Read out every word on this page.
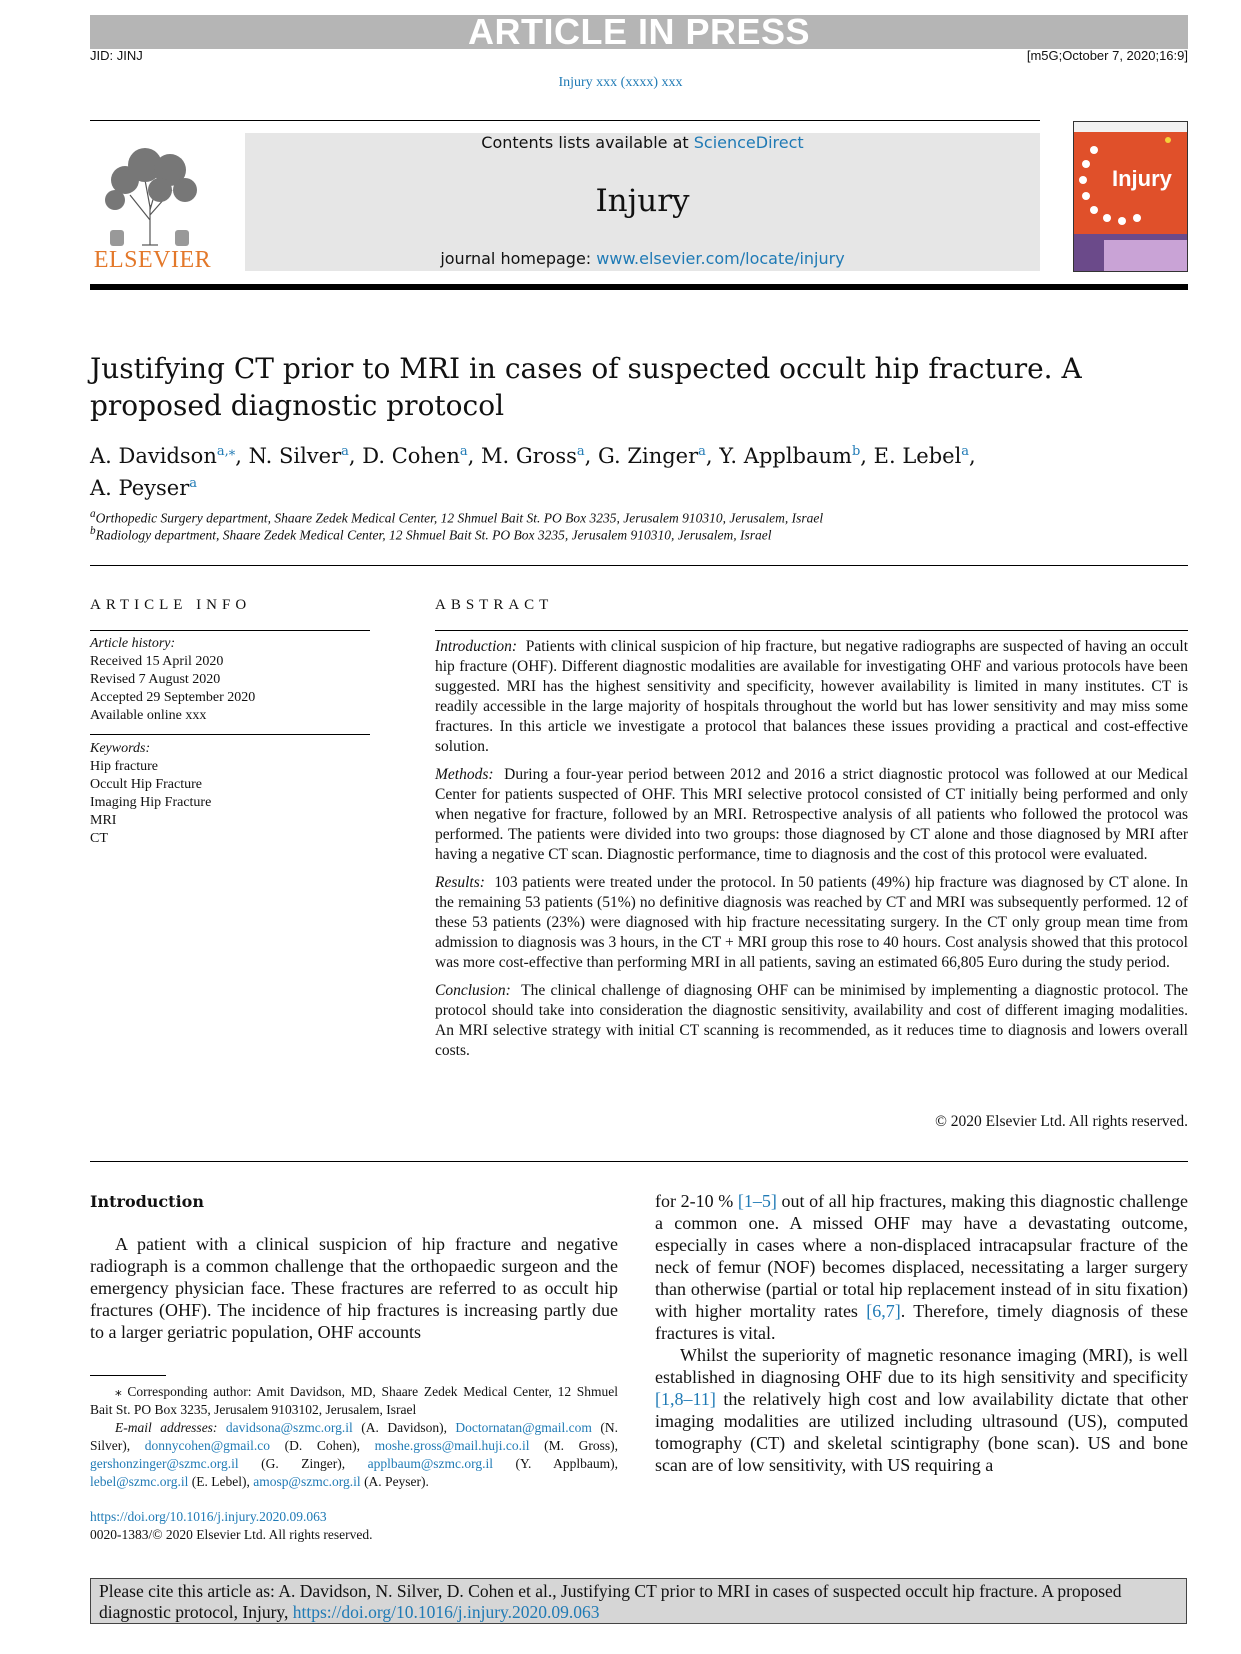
ARTICLE IN PRESS
JID: JINJ	[m5G;October 7, 2020;16:9]
Injury xxx (xxxx) xxx
ELSEVIER
Contents lists available at ScienceDirect
Injury
journal homepage: www.elsevier.com/locate/injury
Injury
Justifying CT prior to MRI in cases of suspected occult hip fracture. A proposed diagnostic protocol
A. Davidson$^{a,⁎}$, N. Silver$^a$, D. Cohen$^a$, M. Gross$^a$, G. Zinger$^a$, Y. Applbaum$^b$, E. Lebel$^a$,
A. Peyser$^a$
$^a$Orthopedic Surgery department, Shaare Zedek Medical Center, 12 Shmuel Bait St. PO Box 3235, Jerusalem 910310, Jerusalem, Israel
$^b$Radiology department, Shaare Zedek Medical Center, 12 Shmuel Bait St. PO Box 3235, Jerusalem 910310, Jerusalem, Israel
ARTICLE INFO
Article history:
Received 15 April 2020
Revised 7 August 2020
Accepted 29 September 2020
Available online xxx
Keywords:
Hip fracture
Occult Hip Fracture
Imaging Hip Fracture
MRI
CT
ABSTRACT

Introduction: Patients with clinical suspicion of hip fracture, but negative radiographs are suspected of having an occult hip fracture (OHF). Different diagnostic modalities are available for investigating OHF and various protocols have been suggested. MRI has the highest sensitivity and specificity, however availability is limited in many institutes. CT is readily accessible in the large majority of hospitals throughout the world but has lower sensitivity and may miss some fractures. In this article we investigate a protocol that balances these issues providing a practical and cost-effective solution.

Methods: During a four-year period between 2012 and 2016 a strict diagnostic protocol was followed at our Medical Center for patients suspected of OHF. This MRI selective protocol consisted of CT initially being performed and only when negative for fracture, followed by an MRI. Retrospective analysis of all patients who followed the protocol was performed. The patients were divided into two groups: those diagnosed by CT alone and those diagnosed by MRI after having a negative CT scan. Diagnostic performance, time to diagnosis and the cost of this protocol were evaluated.

Results: 103 patients were treated under the protocol. In 50 patients (49%) hip fracture was diagnosed by CT alone. In the remaining 53 patients (51%) no definitive diagnosis was reached by CT and MRI was subsequently performed. 12 of these 53 patients (23%) were diagnosed with hip fracture necessitating surgery. In the CT only group mean time from admission to diagnosis was 3 hours, in the CT + MRI group this rose to 40 hours. Cost analysis showed that this protocol was more cost-effective than performing MRI in all patients, saving an estimated 66,805 Euro during the study period.

Conclusion: The clinical challenge of diagnosing OHF can be minimised by implementing a diagnostic protocol. The protocol should take into consideration the diagnostic sensitivity, availability and cost of different imaging modalities. An MRI selective strategy with initial CT scanning is recommended, as it reduces time to diagnosis and lowers overall costs.

© 2020 Elsevier Ltd. All rights reserved.
Introduction
A patient with a clinical suspicion of hip fracture and negative radiograph is a common challenge that the orthopaedic surgeon and the emergency physician face. These fractures are referred to as occult hip fractures (OHF). The incidence of hip fractures is increasing partly due to a larger geriatric population, OHF accounts
⁎ Corresponding author: Amit Davidson, MD, Shaare Zedek Medical Center, 12 Shmuel Bait St. PO Box 3235, Jerusalem 9103102, Jerusalem, Israel
E-mail addresses: davidsona@szmc.org.il (A. Davidson), Doctornatan@gmail.com (N. Silver), donnycohen@gmail.co (D. Cohen), moshe.gross@mail.huji.co.il (M. Gross), gershonzinger@szmc.org.il (G. Zinger), applbaum@szmc.org.il (Y. Applbaum), lebel@szmc.org.il (E. Lebel), amosp@szmc.org.il (A. Peyser).
https://doi.org/10.1016/j.injury.2020.09.063
0020-1383/© 2020 Elsevier Ltd. All rights reserved.

for 2-10 % [1–5] out of all hip fractures, making this diagnostic challenge a common one. A missed OHF may have a devastating outcome, especially in cases where a non-displaced intracapsular fracture of the neck of femur (NOF) becomes displaced, necessitating a larger surgery than otherwise (partial or total hip replacement instead of in situ fixation) with higher mortality rates [6,7]. Therefore, timely diagnosis of these fractures is vital.

Whilst the superiority of magnetic resonance imaging (MRI), is well established in diagnosing OHF due to its high sensitivity and specificity [1,8–11] the relatively high cost and low availability dictate that other imaging modalities are utilized including ultrasound (US), computed tomography (CT) and skeletal scintigraphy (bone scan). US and bone scan are of low sensitivity, with US requiring a

Please cite this article as: A. Davidson, N. Silver, D. Cohen et al., Justifying CT prior to MRI in cases of suspected occult hip fracture. A proposed diagnostic protocol, Injury, https://doi.org/10.1016/j.injury.2020.09.063
